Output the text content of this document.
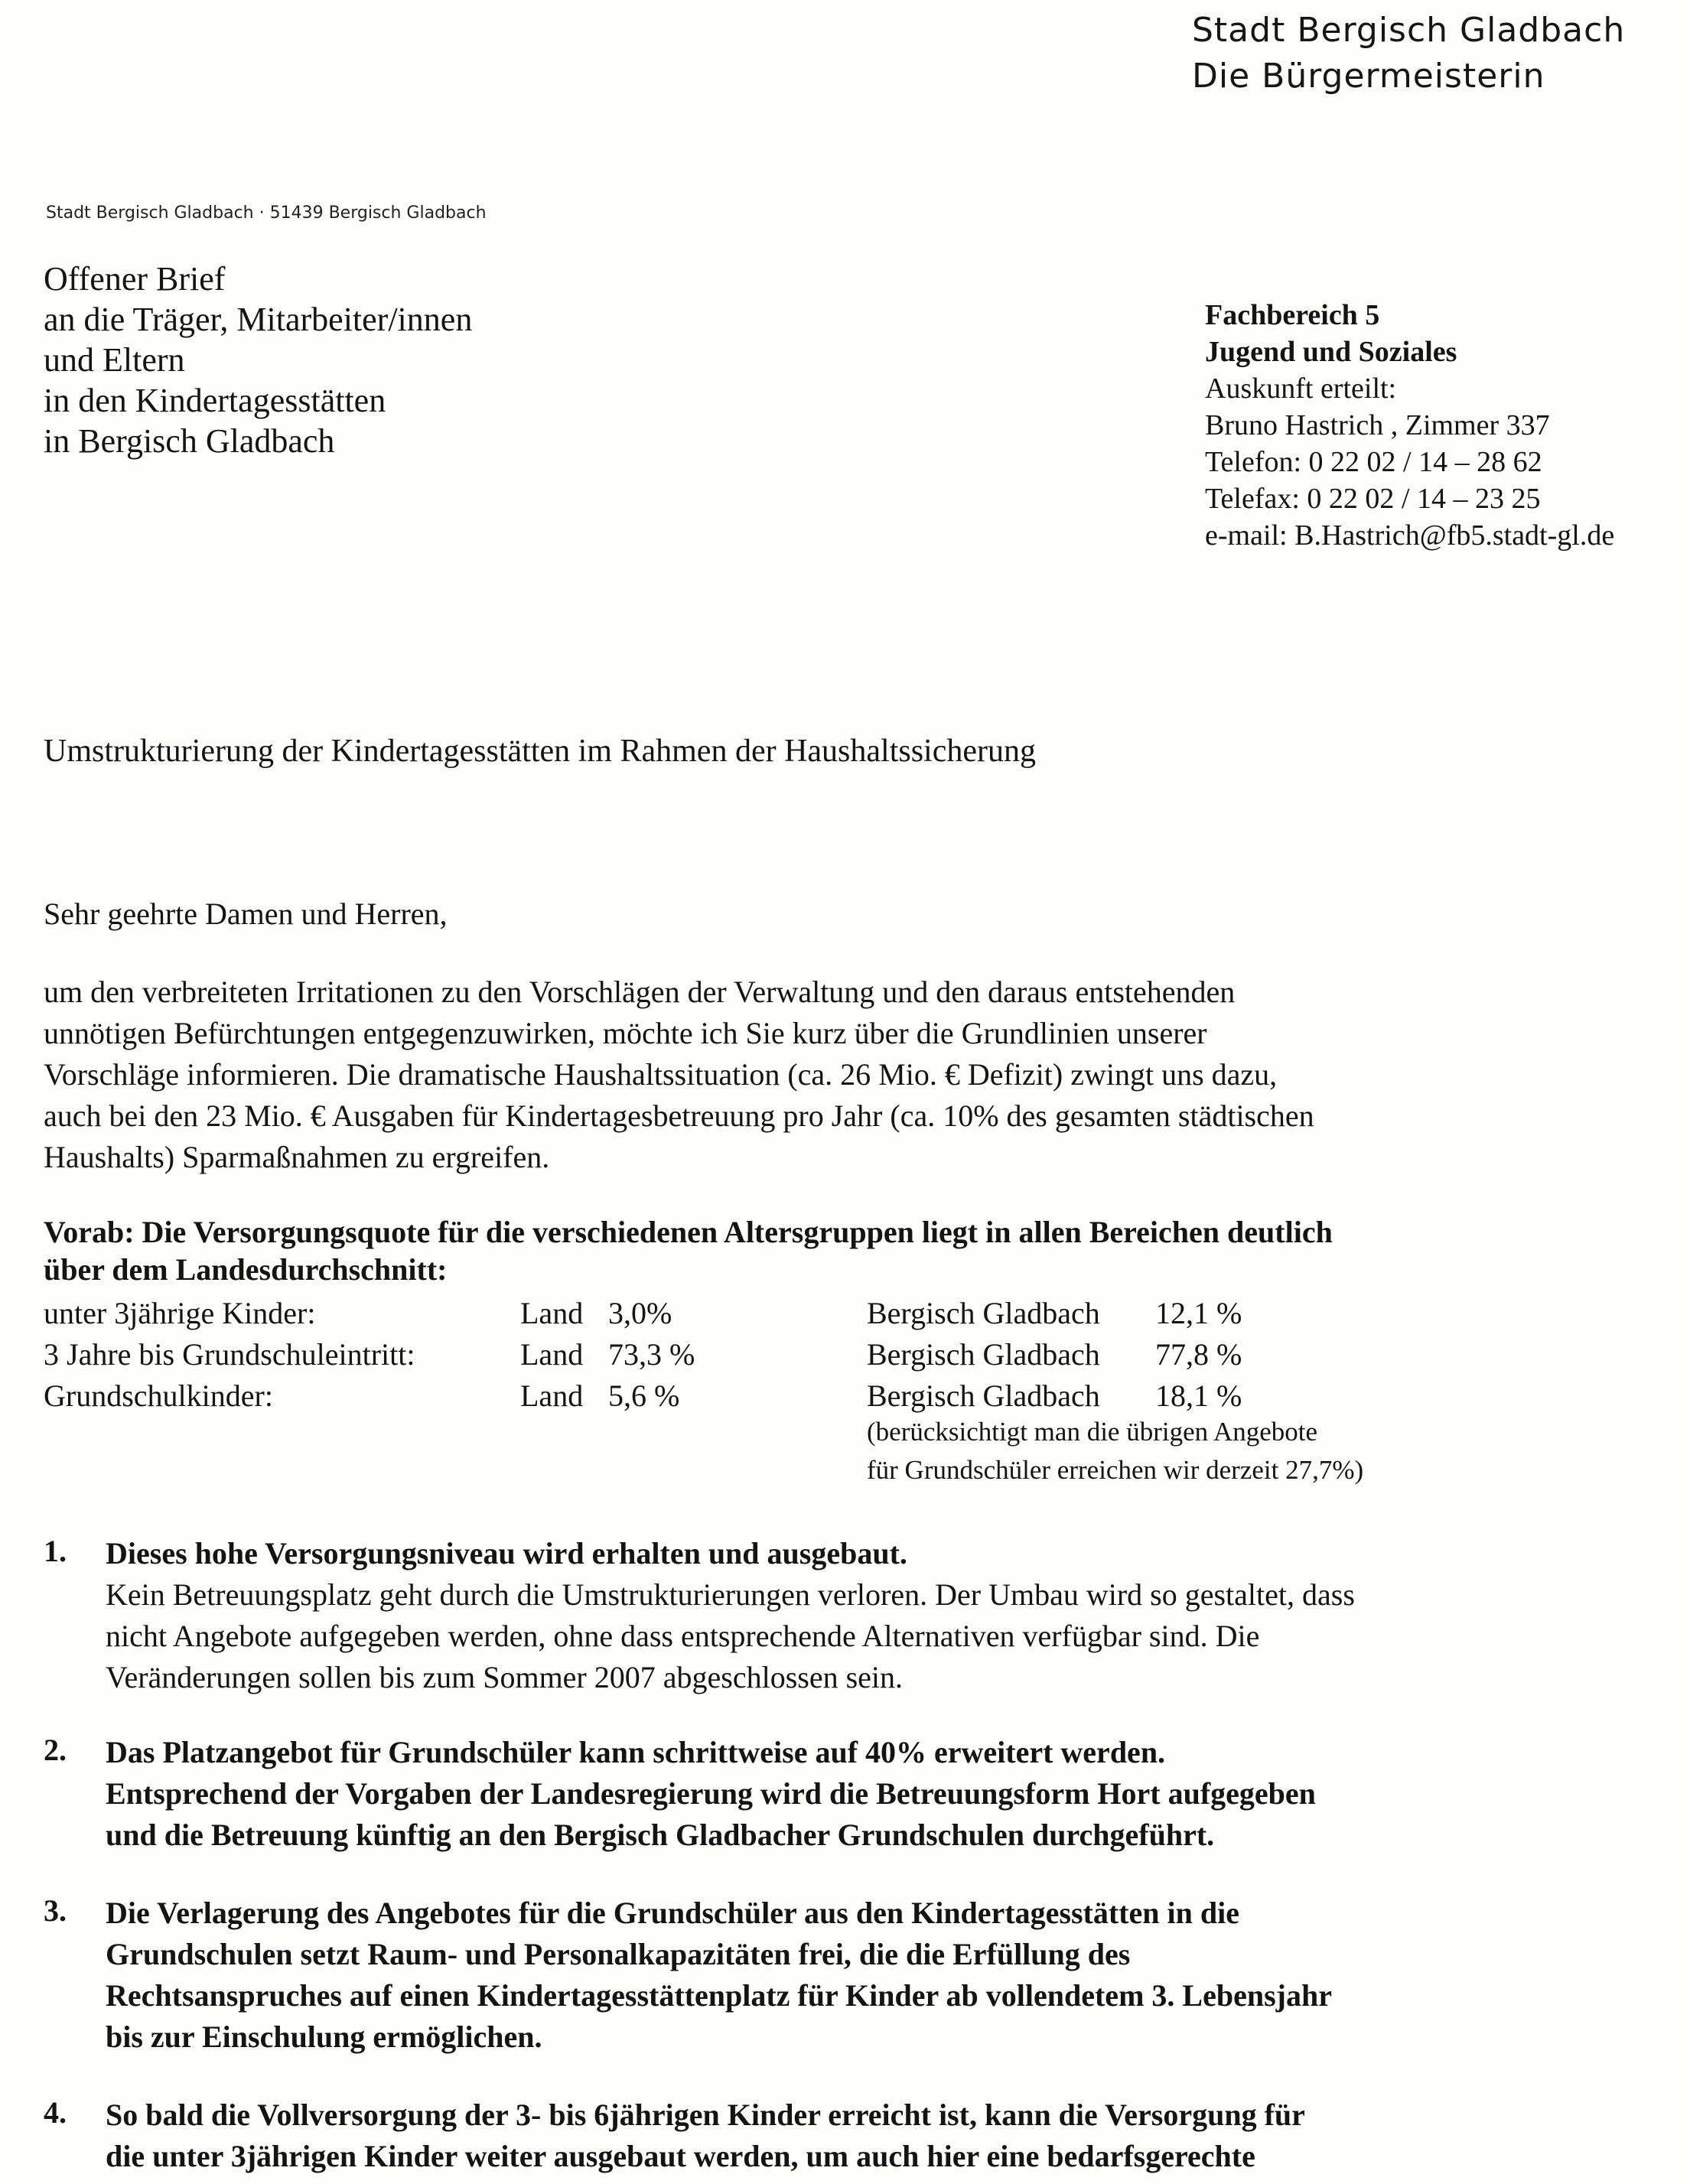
Stadt Bergisch Gladbach
Die Bürgermeisterin
Stadt Bergisch Gladbach · 51439 Bergisch Gladbach
Offener Brief
an die Träger, Mitarbeiter/innen
und Eltern
in den Kindertagesstätten
in Bergisch Gladbach
Fachbereich 5
Jugend und Soziales
Auskunft erteilt:
Bruno Hastrich , Zimmer 337
Telefon: 0 22 02 / 14 – 28 62
Telefax: 0 22 02 / 14 – 23 25
e-mail: B.Hastrich@fb5.stadt-gl.de
Umstrukturierung der Kindertagesstätten im Rahmen der Haushaltssicherung
Sehr geehrte Damen und Herren,
um den verbreiteten Irritationen zu den Vorschlägen der Verwaltung und den daraus entstehenden
unnötigen Befürchtungen entgegenzuwirken, möchte ich Sie kurz über die Grundlinien unserer
Vorschläge informieren. Die dramatische Haushaltssituation (ca. 26 Mio. € Defizit) zwingt uns dazu,
auch bei den 23 Mio. € Ausgaben für Kindertagesbetreuung pro Jahr (ca. 10% des gesamten städtischen
Haushalts) Sparmaßnahmen zu ergreifen.
Vorab: Die Versorgungsquote für die verschiedenen Altersgruppen liegt in allen Bereichen deutlich
über dem Landesdurchschnitt:
unter 3jährige Kinder:	Land 3,0%	Bergisch Gladbach 12,1 %
3 Jahre bis Grundschuleintritt:	Land 73,3 %	Bergisch Gladbach 77,8 %
Grundschulkinder:	Land 5,6 %	Bergisch Gladbach 18,1 %
(berücksichtigt man die übrigen Angebote
für Grundschüler erreichen wir derzeit 27,7%)
1. Dieses hohe Versorgungsniveau wird erhalten und ausgebaut.
Kein Betreuungsplatz geht durch die Umstrukturierungen verloren. Der Umbau wird so gestaltet, dass
nicht Angebote aufgegeben werden, ohne dass entsprechende Alternativen verfügbar sind. Die
Veränderungen sollen bis zum Sommer 2007 abgeschlossen sein.
2. Das Platzangebot für Grundschüler kann schrittweise auf 40% erweitert werden.
Entsprechend der Vorgaben der Landesregierung wird die Betreuungsform Hort aufgegeben
und die Betreuung künftig an den Bergisch Gladbacher Grundschulen durchgeführt.
3. Die Verlagerung des Angebotes für die Grundschüler aus den Kindertagesstätten in die
Grundschulen setzt Raum- und Personalkapazitäten frei, die die Erfüllung des
Rechtsanspruches auf einen Kindertagesstättenplatz für Kinder ab vollendetem 3. Lebensjahr
bis zur Einschulung ermöglichen.
4. So bald die Vollversorgung der 3- bis 6jährigen Kinder erreicht ist, kann die Versorgung für
die unter 3jährigen Kinder weiter ausgebaut werden, um auch hier eine bedarfsgerechte
